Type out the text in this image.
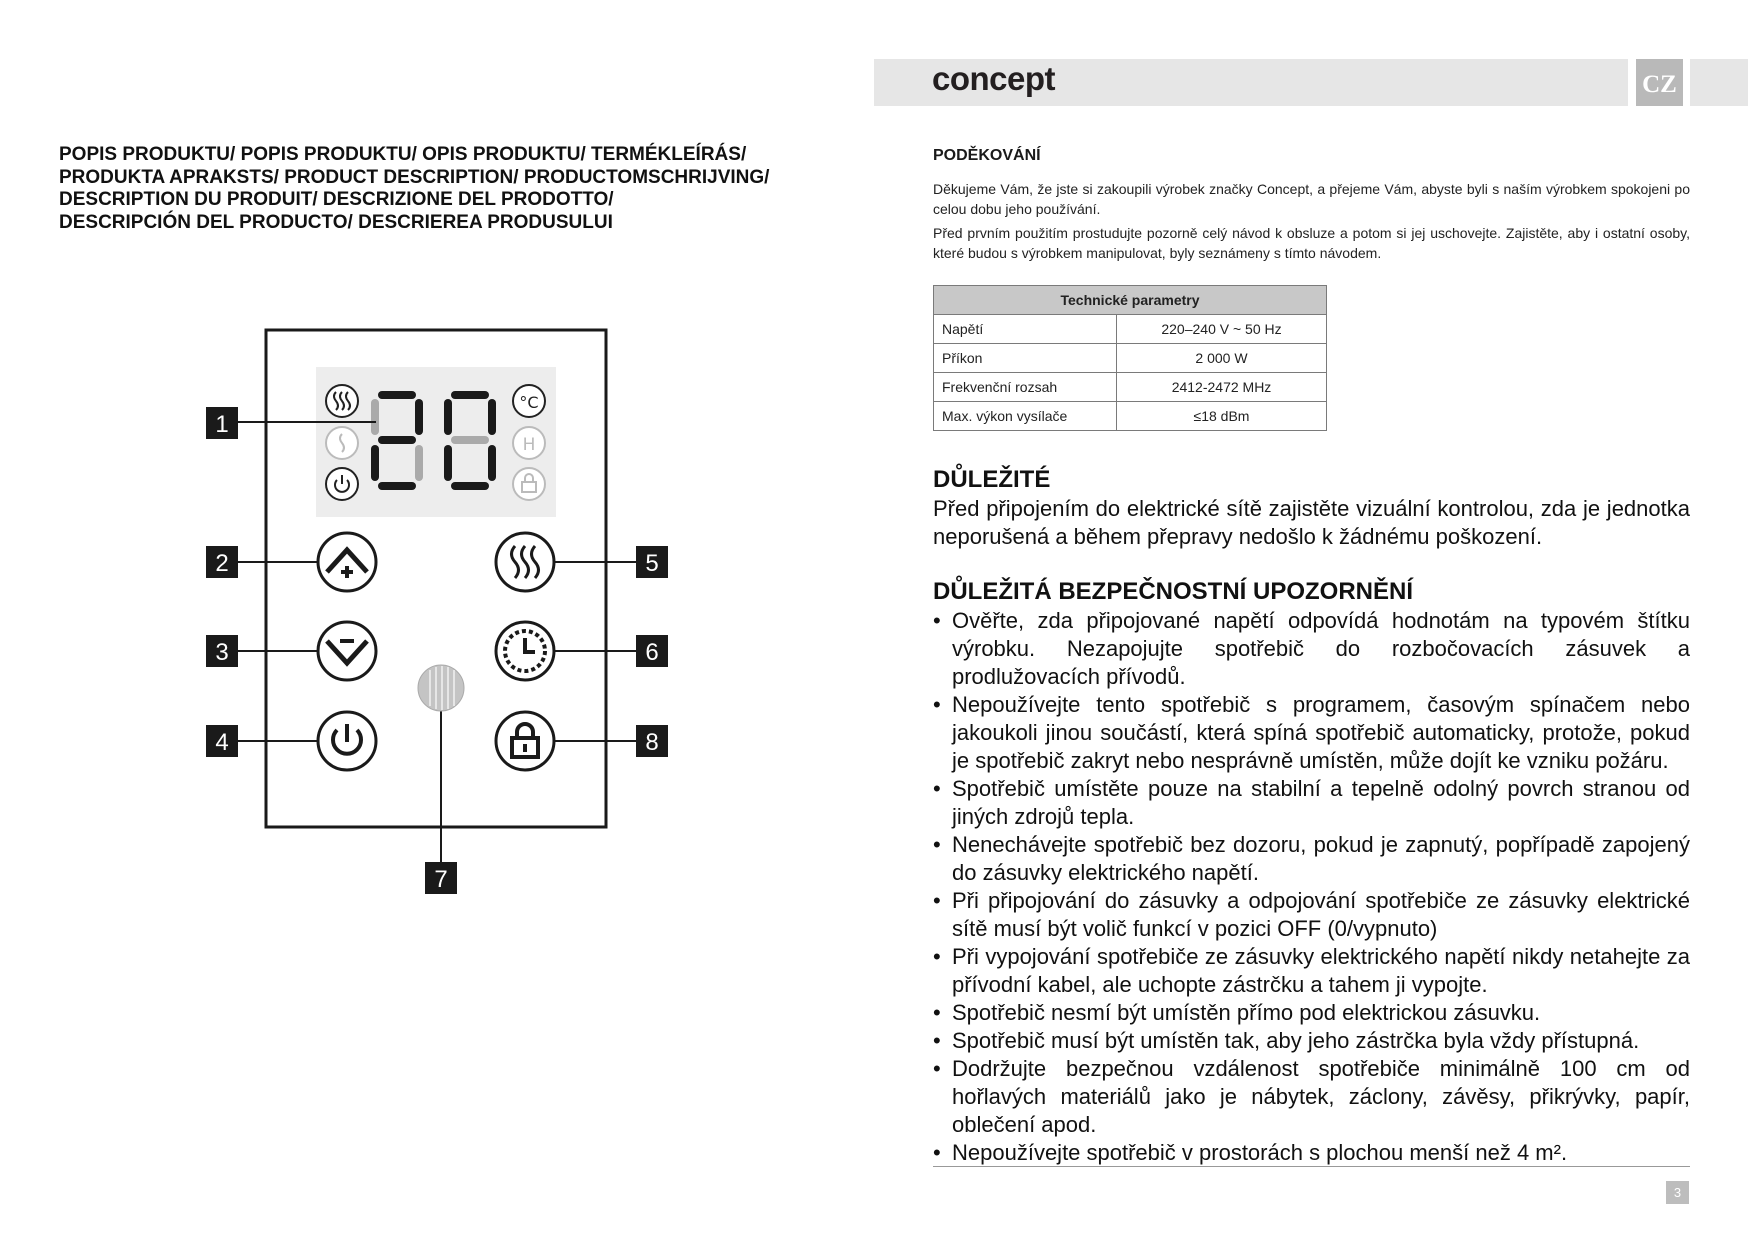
POPIS PRODUKTU/ POPIS PRODUKTU/ OPIS PRODUKTU/ TERMÉKLEÍRÁS/
PRODUKTA APRAKSTS/ PRODUCT DESCRIPTION/ PRODUCTOMSCHRIJVING/
DESCRIPTION DU PRODUIT/ DESCRIZIONE DEL PRODOTTO/
DESCRIPCIÓN DEL PRODUCTO/ DESCRIEREA PRODUSULUI
°C
H
1
2
3
4
5
6
8
7
concept	CZ
PODĚKOVÁNÍ
Děkujeme Vám, že jste si zakoupili výrobek značky Concept, a přejeme Vám, abyste byli s naším výrobkem spokojeni po celou dobu jeho používání.
Před prvním použitím prostudujte pozorně celý návod k obsluze a potom si jej uschovejte. Zajistěte, aby i ostatní osoby, které budou s výrobkem manipulovat, byly seznámeny s tímto návodem.
Technické parametry	
Napětí	220–240 V ~ 50 Hz
Příkon	2 000 W
Frekvenční rozsah	2412-2472 MHz
Max. výkon vysílače	≤18 dBm
DŮLEŽITÉ
Před připojením do elektrické sítě zajistěte vizuální kontrolou, zda je jednotka neporušená a během přepravy nedošlo k žádnému poškození.
DŮLEŽITÁ BEZPEČNOSTNÍ UPOZORNĚNÍ
• Ověřte, zda připojované napětí odpovídá hodnotám na typovém štítku výrobku. Nezapojujte spotřebič do rozbočovacích zásuvek a prodlužovacích přívodů.
• Nepoužívejte tento spotřebič s programem, časovým spínačem nebo jakoukoli jinou součástí, která spíná spotřebič automaticky, protože, pokud je spotřebič zakryt nebo nesprávně umístěn, může dojít ke vzniku požáru.
• Spotřebič umístěte pouze na stabilní a tepelně odolný povrch stranou od jiných zdrojů tepla.
• Nenechávejte spotřebič bez dozoru, pokud je zapnutý, popřípadě zapojený do zásuvky elektrického napětí.
• Při připojování do zásuvky a odpojování spotřebiče ze zásuvky elektrické sítě musí být volič funkcí v pozici OFF (0/vypnuto)
• Při vypojování spotřebiče ze zásuvky elektrického napětí nikdy netahejte za přívodní kabel, ale uchopte zástrčku a tahem ji vypojte.
• Spotřebič nesmí být umístěn přímo pod elektrickou zásuvku.
• Spotřebič musí být umístěn tak, aby jeho zástrčka byla vždy přístupná.
• Dodržujte bezpečnou vzdálenost spotřebiče minimálně 100 cm od hořlavých materiálů jako je nábytek, záclony, závěsy, přikrývky, papír, oblečení apod.
• Nepoužívejte spotřebič v prostorách s plochou menší než 4 m².
3
